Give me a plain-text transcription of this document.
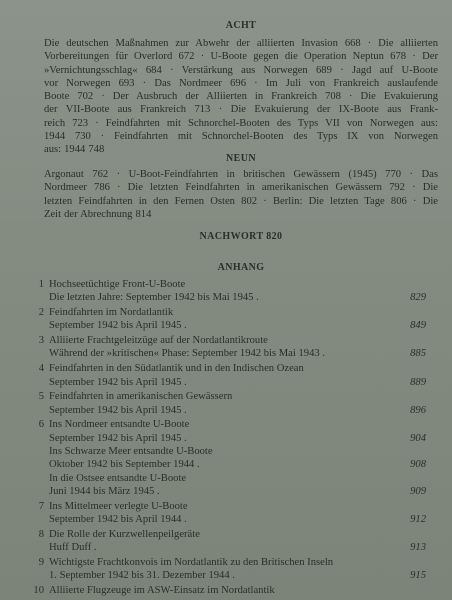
ACHT
Die deutschen Maßnahmen zur Abwehr der alliierten Invasion 668 · Die alliierten
Vorbereitungen für Overlord 672 · U-Boote gegen die Operation Neptun 678 · Der
»Vernichtungsschlag« 684 · Verstärkung aus Norwegen 689 · Jagd auf U-Boote
vor Norwegen 693 · Das Nordmeer 696 · Im Juli von Frankreich auslaufende
Boote 702 · Der Ausbruch der Alliierten in Frankreich 708 · Die Evakuierung
der VII-Boote aus Frankreich 713 · Die Evakuierung der IX-Boote aus Frank-
reich 723 · Feindfahrten mit Schnorchel-Booten des Typs VII von Norwegen aus:
1944 730 · Feindfahrten mit Schnorchel-Booten des Typs IX von Norwegen
aus: 1944 748
NEUN
Argonaut 762 · U-Boot-Feindfahrten in britischen Gewässern (1945) 770 · Das
Nordmeer 786 · Die letzten Feindfahrten in amerikanischen Gewässern 792 · Die
letzten Feindfahrten in den Fernen Osten 802 · Berlin: Die letzten Tage 806 · Die
Zeit der Abrechnung 814
NACHWORT 820
ANHANG
1 Hochseetüchtige Front-U-Boote
Die letzten Jahre: September 1942 bis Mai 1945 .	829
2 Feindfahrten im Nordatlantik
September 1942 bis April 1945 .	849
3 Alliierte Frachtgeleitzüge auf der Nordatlantikroute
Während der »kritischen« Phase: September 1942 bis Mai 1943 .	885
4 Feindfahrten in den Südatlantik und in den Indischen Ozean
September 1942 bis April 1945 .	889
5 Feindfahrten in amerikanischen Gewässern
September 1942 bis April 1945 .	896
6 Ins Nordmeer entsandte U-Boote
September 1942 bis April 1945 .	904
Ins Schwarze Meer entsandte U-Boote
Oktober 1942 bis September 1944 .	908
In die Ostsee entsandte U-Boote
Juni 1944 bis März 1945 .	909
7 Ins Mittelmeer verlegte U-Boote
September 1942 bis April 1944 .	912
8 Die Rolle der Kurzwellenpeilgeräte
Huff Duff .	913
9 Wichtigste Frachtkonvois im Nordatlantik zu den Britischen Inseln
1. September 1942 bis 31. Dezember 1944 .	915
10 Alliierte Flugzeuge im ASW-Einsatz im Nordatlantik
